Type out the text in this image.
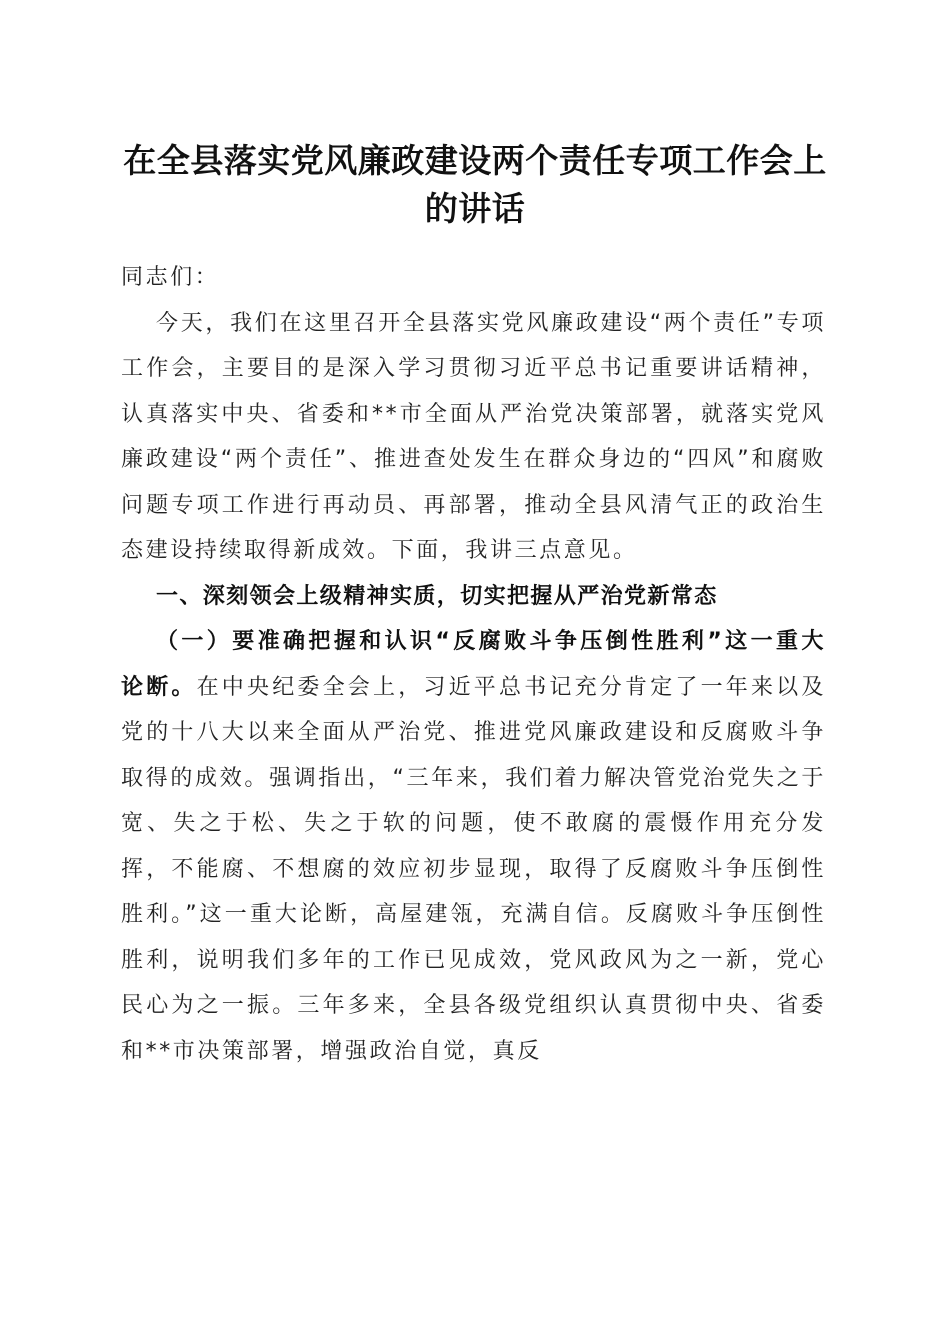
在全县落实党风廉政建设两个责任专项工作会上的讲话

同志们：

今天，我们在这里召开全县落实党风廉政建设“两个责任”专项工作会，主要目的是深入学习贯彻习近平总书记重要讲话精神，认真落实中央、省委和**市全面从严治党决策部署，就落实党风廉政建设“两个责任”、推进查处发生在群众身边的“四风”和腐败问题专项工作进行再动员、再部署，推动全县风清气正的政治生态建设持续取得新成效。下面，我讲三点意见。

一、深刻领会上级精神实质，切实把握从严治党新常态

（一）要准确把握和认识“反腐败斗争压倒性胜利”这一重大论断。在中央纪委全会上，习近平总书记充分肯定了一年来以及党的十八大以来全面从严治党、推进党风廉政建设和反腐败斗争取得的成效。强调指出，“三年来，我们着力解决管党治党失之于宽、失之于松、失之于软的问题，使不敢腐的震慑作用充分发挥，不能腐、不想腐的效应初步显现，取得了反腐败斗争压倒性胜利。”这一重大论断，高屋建瓴，充满自信。反腐败斗争压倒性胜利，说明我们多年的工作已见成效，党风政风为之一新，党心民心为之一振。三年多来，全县各级党组织认真贯彻中央、省委和**市决策部署，增强政治自觉，真反
